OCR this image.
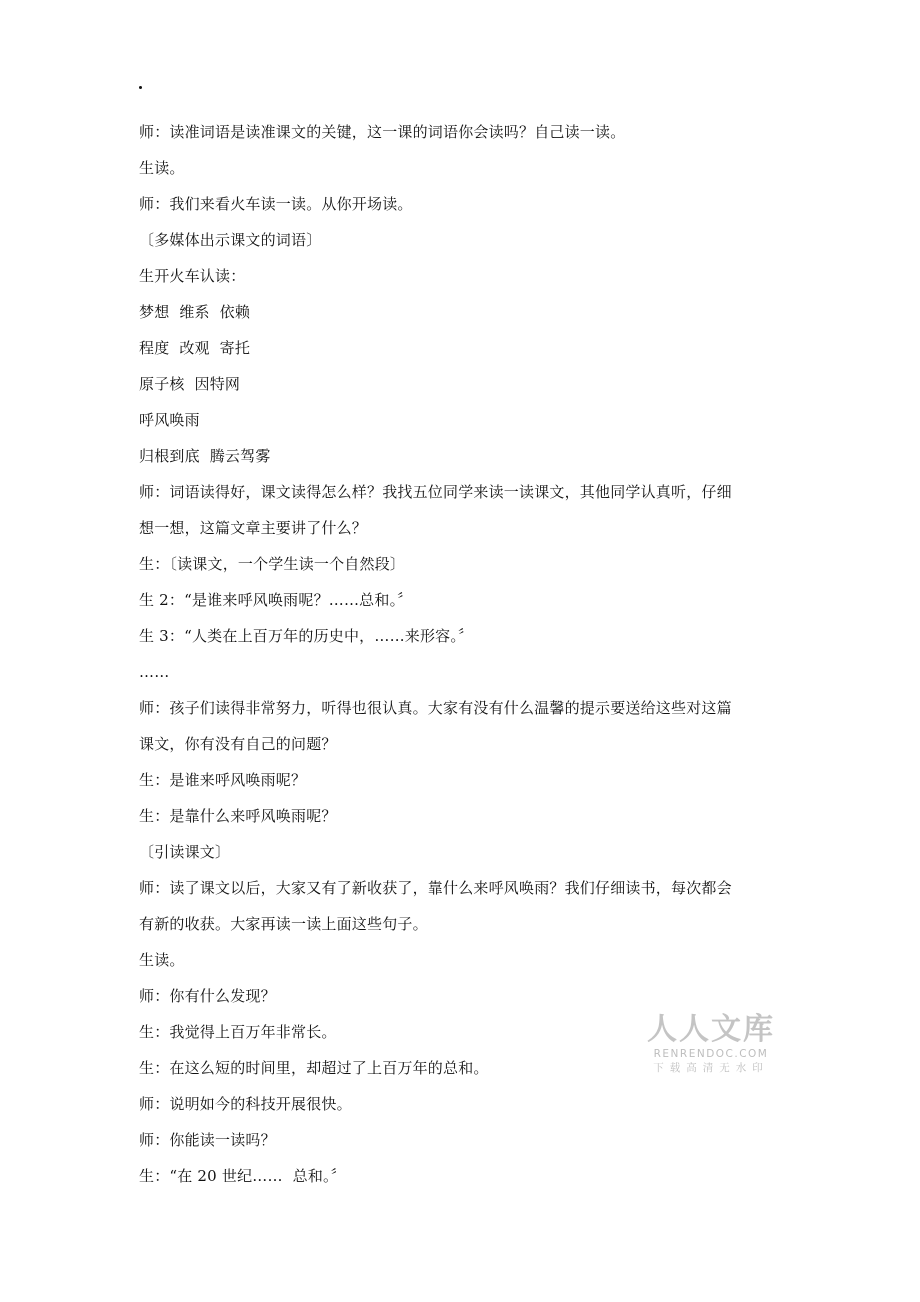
师：读准词语是读准课文的关键，这一课的词语你会读吗？自己读一读。
生读。
师：我们来看火车读一读。从你开场读。
〔多媒体出示课文的词语〕
生开火车认读：
梦想  维系  依赖
程度  改观  寄托
原子核  因特网
呼风唤雨
归根到底  腾云驾雾
师：词语读得好，课文读得怎么样？我找五位同学来读一读课文，其他同学认真听，仔细
想一想，这篇文章主要讲了什么？
生：〔读课文，一个学生读一个自然段〕
生 2：“是谁来呼风唤雨呢？……总和。〞
生 3：“人类在上百万年的历史中，……来形容。〞
……
师：孩子们读得非常努力，听得也很认真。大家有没有什么温馨的提示要送给这些对这篇
课文，你有没有自己的问题？
生：是谁来呼风唤雨呢？
生：是靠什么来呼风唤雨呢？
〔引读课文〕
师：读了课文以后，大家又有了新收获了，靠什么来呼风唤雨？我们仔细读书，每次都会
有新的收获。大家再读一读上面这些句子。
生读。
师：你有什么发现？
生：我觉得上百万年非常长。
生：在这么短的时间里，却超过了上百万年的总和。
师：说明如今的科技开展很快。
师：你能读一读吗？
生：“在 20 世纪……  总和。〞
人人文库
RENRENDOC.COM
下载高清无水印
